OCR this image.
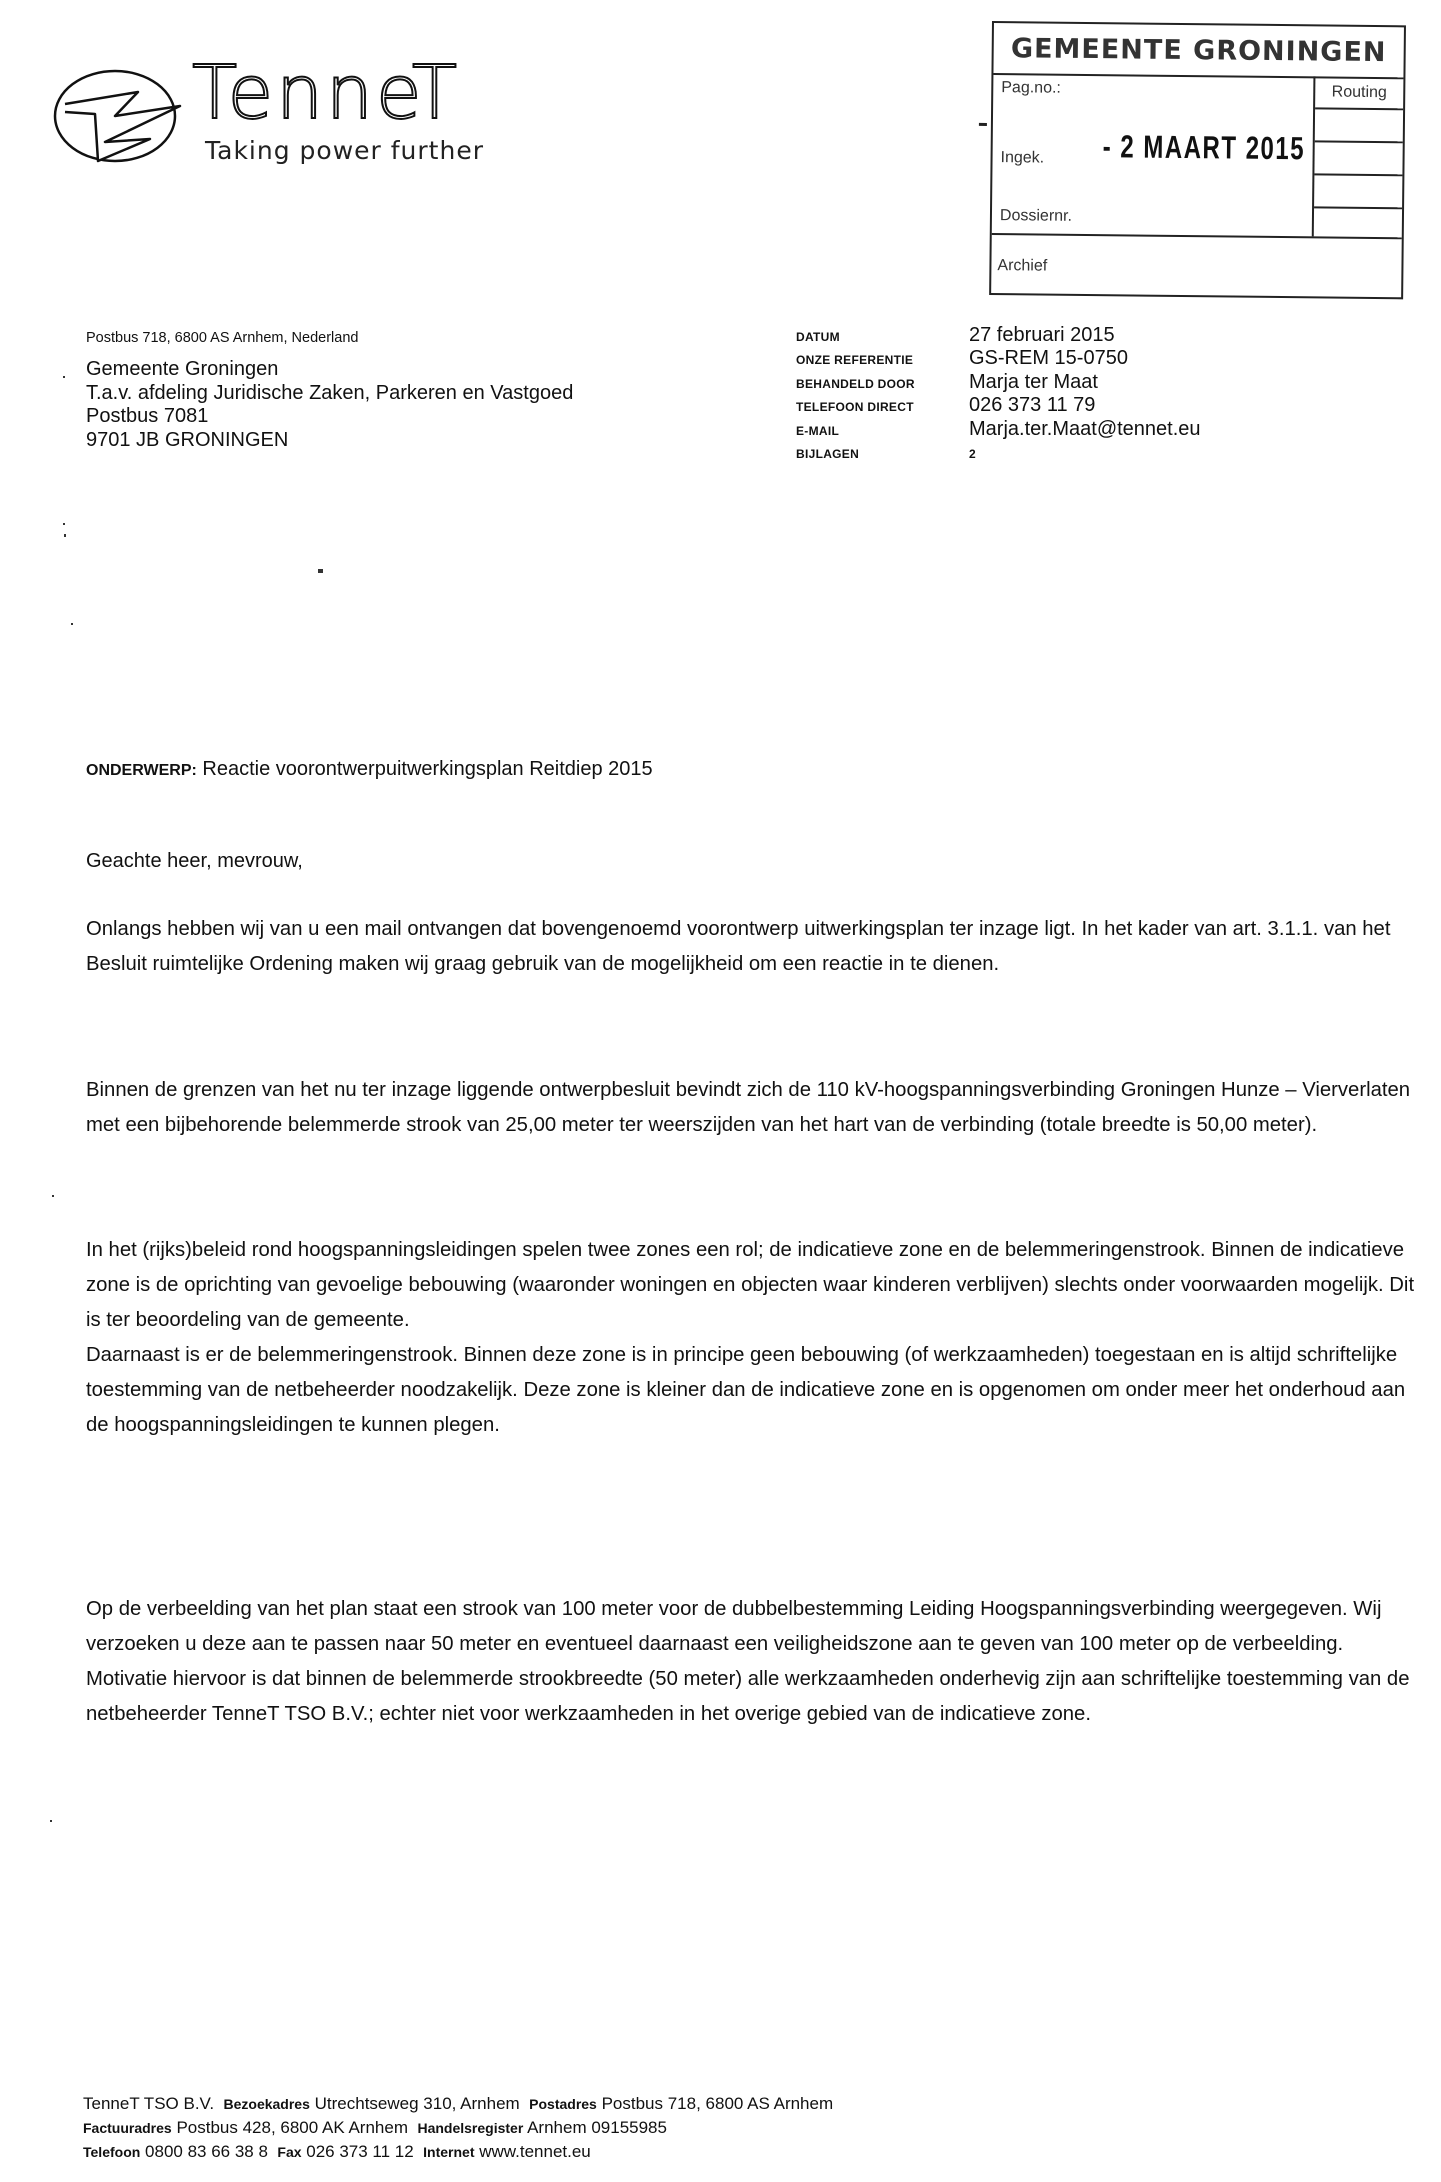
TenneT
Taking power further
GEMEENTE GRONINGEN
Pag.no.:
Ingek. - 2 MAART 2015
Dossiernr.
Routing
Archief
Postbus 718, 6800 AS Arnhem, Nederland
Gemeente Groningen
T.a.v. afdeling Juridische Zaken, Parkeren en Vastgoed
Postbus 7081
9701 JB GRONINGEN
DATUM	27 februari 2015
ONZE REFERENTIE	GS-REM 15-0750
BEHANDELD DOOR	Marja ter Maat
TELEFOON DIRECT	026 373 11 79
E-MAIL	Marja.ter.Maat@tennet.eu
BIJLAGEN	2
ONDERWERP: Reactie voorontwerpuitwerkingsplan Reitdiep 2015
Geachte heer, mevrouw,

Onlangs hebben wij van u een mail ontvangen dat bovengenoemd voorontwerp uitwerkingsplan ter inzage ligt. In het kader van art. 3.1.1. van het Besluit ruimtelijke Ordening maken wij graag gebruik van de mogelijkheid om een reactie in te dienen.

Binnen de grenzen van het nu ter inzage liggende ontwerpbesluit bevindt zich de 110 kV-hoogspanningsverbinding Groningen Hunze – Vierverlaten met een bijbehorende belemmerde strook van 25,00 meter ter weerszijden van het hart van de verbinding (totale breedte is 50,00 meter).

In het (rijks)beleid rond hoogspanningsleidingen spelen twee zones een rol; de indicatieve zone en de belemmeringenstrook. Binnen de indicatieve zone is de oprichting van gevoelige bebouwing (waaronder woningen en objecten waar kinderen verblijven) slechts onder voorwaarden mogelijk. Dit is ter beoordeling van de gemeente.

Daarnaast is er de belemmeringenstrook. Binnen deze zone is in principe geen bebouwing (of werkzaamheden) toegestaan en is altijd schriftelijke toestemming van de netbeheerder noodzakelijk. Deze zone is kleiner dan de indicatieve zone en is opgenomen om onder meer het onderhoud aan de hoogspanningsleidingen te kunnen plegen.

Op de verbeelding van het plan staat een strook van 100 meter voor de dubbelbestemming Leiding Hoogspanningsverbinding weergegeven. Wij verzoeken u deze aan te passen naar 50 meter en eventueel daarnaast een veiligheidszone aan te geven van 100 meter op de verbeelding.

Motivatie hiervoor is dat binnen de belemmerde strookbreedte (50 meter) alle werkzaamheden onderhevig zijn aan schriftelijke toestemming van de netbeheerder TenneT TSO B.V.; echter niet voor werkzaamheden in het overige gebied van de indicatieve zone.

TenneT TSO B.V. Bezoekadres Utrechtseweg 310, Arnhem Postadres Postbus 718, 6800 AS Arnhem
Factuuradres Postbus 428, 6800 AK Arnhem Handelsregister Arnhem 09155985
Telefoon 0800 83 66 38 8 Fax 026 373 11 12 Internet www.tennet.eu
